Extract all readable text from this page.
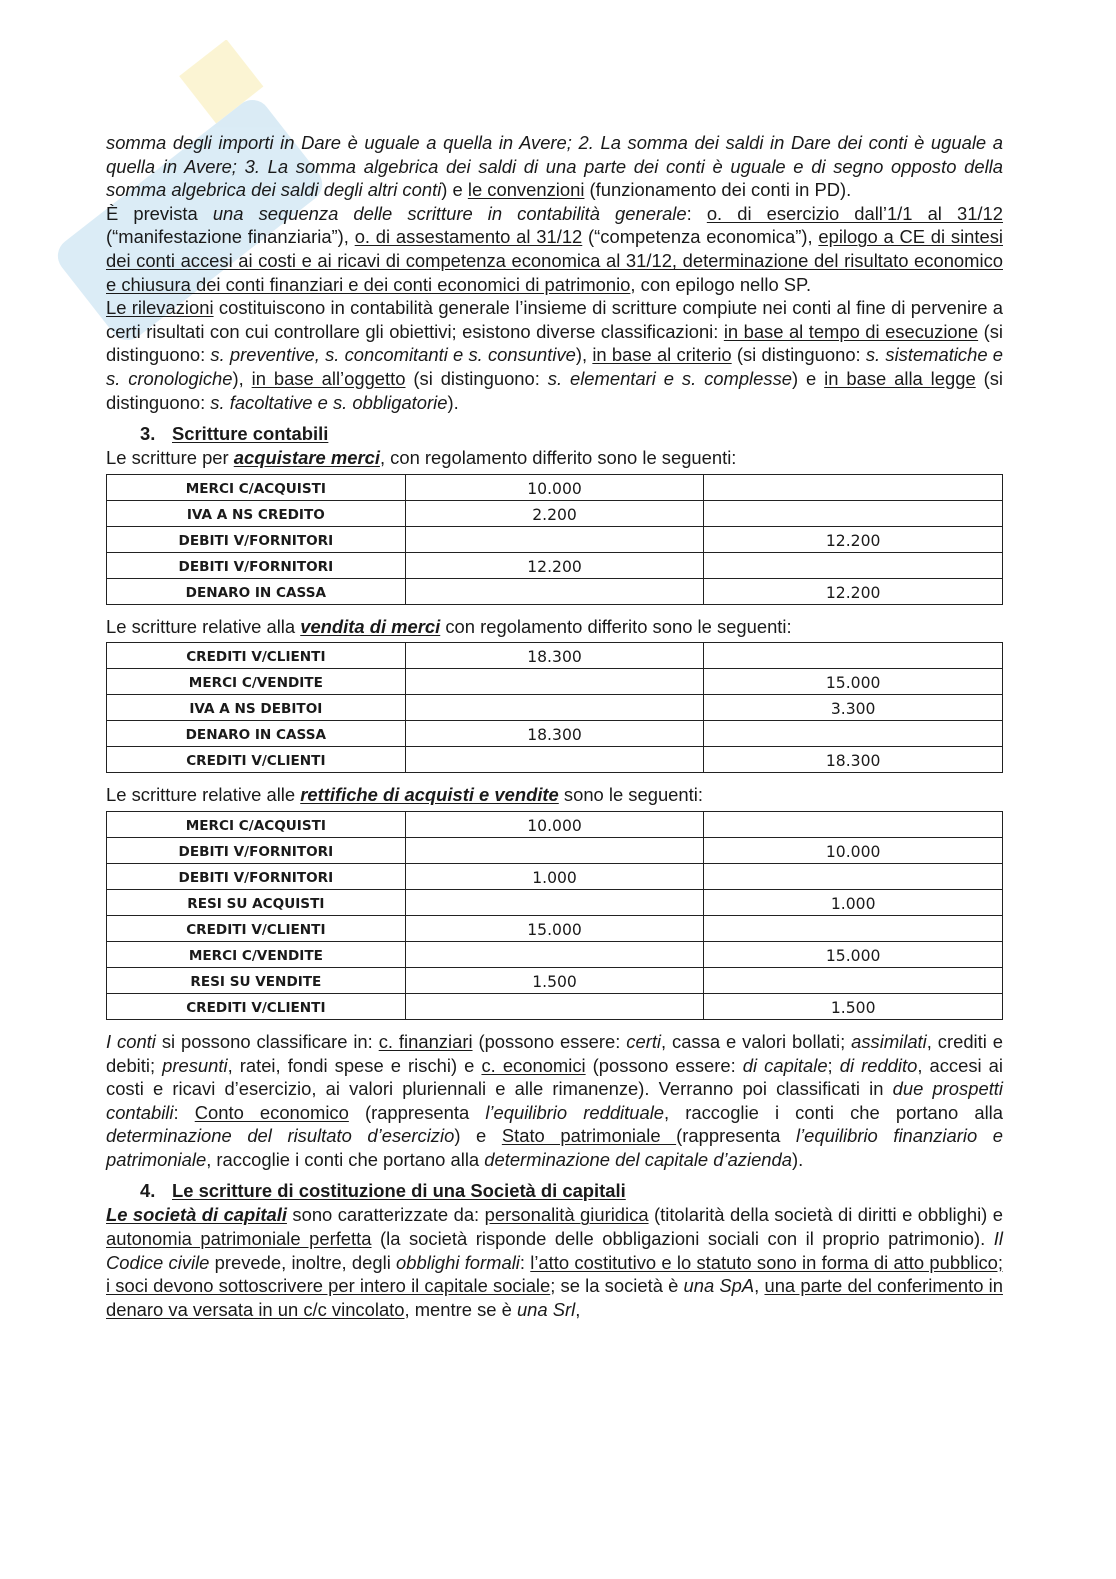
somma degli importi in Dare è uguale a quella in Avere; 2. La somma dei saldi in Dare dei conti è uguale a quella in Avere; 3. La somma algebrica dei saldi di una parte dei conti è uguale e di segno opposto della somma algebrica dei saldi degli altri conti) e le convenzioni (funzionamento dei conti in PD).

È prevista una sequenza delle scritture in contabilità generale: o. di esercizio dall’1/1 al 31/12 (“manifestazione finanziaria”), o. di assestamento al 31/12 (“competenza economica”), epilogo a CE di sintesi dei conti accesi ai costi e ai ricavi di competenza economica al 31/12, determinazione del risultato economico e chiusura dei conti finanziari e dei conti economici di patrimonio, con epilogo nello SP.

Le rilevazioni costituiscono in contabilità generale l’insieme di scritture compiute nei conti al fine di pervenire a certi risultati con cui controllare gli obiettivi; esistono diverse classificazioni: in base al tempo di esecuzione (si distinguono: s. preventive, s. concomitanti e s. consuntive), in base al criterio (si distinguono: s. sistematiche e s. cronologiche), in base all’oggetto (si distinguono: s. elementari e s. complesse) e in base alla legge (si distinguono: s. facoltative e s. obbligatorie).

3. Scritture contabili

Le scritture per acquistare merci, con regolamento differito sono le seguenti:

MERCI C/ACQUISTI	10.000	
IVA A NS CREDITO	2.200	
DEBITI V/FORNITORI		12.200
DEBITI V/FORNITORI	12.200	
DENARO IN CASSA		12.200

Le scritture relative alla vendita di merci con regolamento differito sono le seguenti:

CREDITI V/CLIENTI	18.300	
MERCI C/VENDITE		15.000
IVA A NS DEBITOI		3.300
DENARO IN CASSA	18.300	
CREDITI V/CLIENTI		18.300

Le scritture relative alle rettifiche di acquisti e vendite sono le seguenti:

MERCI C/ACQUISTI	10.000	
DEBITI V/FORNITORI		10.000
DEBITI V/FORNITORI	1.000	
RESI SU ACQUISTI		1.000
CREDITI V/CLIENTI	15.000	
MERCI C/VENDITE		15.000
RESI SU VENDITE	1.500	
CREDITI V/CLIENTI		1.500

I conti si possono classificare in: c. finanziari (possono essere: certi, cassa e valori bollati; assimilati, crediti e debiti; presunti, ratei, fondi spese e rischi) e c. economici (possono essere: di capitale; di reddito, accesi ai costi e ricavi d’esercizio, ai valori pluriennali e alle rimanenze). Verranno poi classificati in due prospetti contabili: Conto economico (rappresenta l’equilibrio reddituale, raccoglie i conti che portano alla determinazione del risultato d’esercizio) e Stato patrimoniale (rappresenta l’equilibrio finanziario e patrimoniale, raccoglie i conti che portano alla determinazione del capitale d’azienda).

4. Le scritture di costituzione di una Società di capitali

Le società di capitali sono caratterizzate da: personalità giuridica (titolarità della società di diritti e obblighi) e autonomia patrimoniale perfetta (la società risponde delle obbligazioni sociali con il proprio patrimonio). Il Codice civile prevede, inoltre, degli obblighi formali: l’atto costitutivo e lo statuto sono in forma di atto pubblico; i soci devono sottoscrivere per intero il capitale sociale; se la società è una SpA, una parte del conferimento in denaro va versata in un c/c vincolato, mentre se è una Srl,
